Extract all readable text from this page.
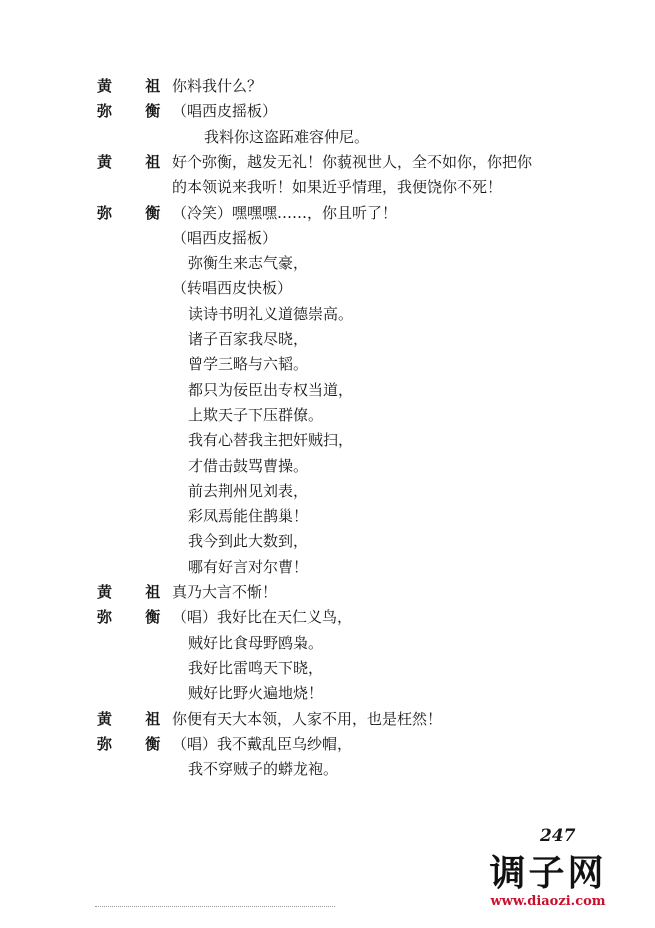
黄 祖
你料我什么？
弥 衡
（唱西皮摇板）
我料你这盗跖难容仲尼。
黄 祖
好个弥衡，越发无礼！你藐视世人，全不如你，你把你
的本领说来我听！如果近乎情理，我便饶你不死！
弥 衡
（冷笑）嘿嘿嘿……，你且听了！
（唱西皮摇板）
弥衡生来志气豪，
（转唱西皮快板）
读诗书明礼义道德崇高。
诸子百家我尽晓，
曾学三略与六韬。
都只为佞臣出专权当道，
上欺天子下压群僚。
我有心替我主把奸贼扫，
才借击鼓骂曹操。
前去荆州见刘表，
彩凤焉能住鹊巢！
我今到此大数到，
哪有好言对尔曹！
黄 祖
真乃大言不惭！
弥 衡
（唱）我好比在天仁义鸟，
贼好比食母野鸥枭。
我好比雷鸣天下晓，
贼好比野火遍地烧！
黄 祖
你便有天大本领，人家不用，也是枉然！
弥 衡
（唱）我不戴乱臣乌纱帽，
我不穿贼子的蟒龙袍。
247
调子网
www.diaozi.com
